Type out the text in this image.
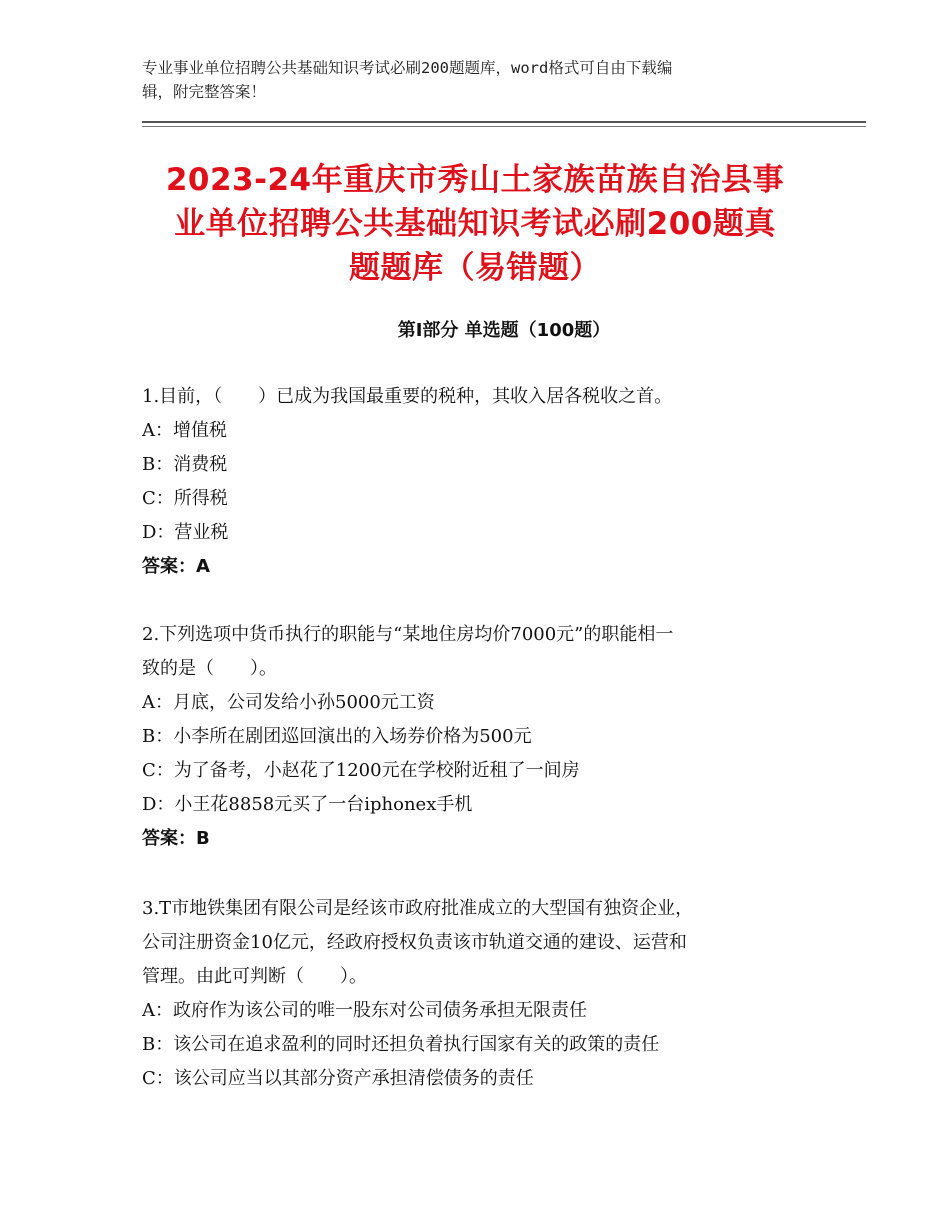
专业事业单位招聘公共基础知识考试必刷200题题库，word格式可自由下载编
辑，附完整答案！
2023-24年重庆市秀山土家族苗族自治县事
业单位招聘公共基础知识考试必刷200题真
题题库（易错题）
第Ⅰ部分 单选题（100题）
1.目前，（　　）已成为我国最重要的税种，其收入居各税收之首。
A：增值税
B：消费税
C：所得税
D：营业税
答案：A
2.下列选项中货币执行的职能与“某地住房均价7000元”的职能相一
致的是（　　）。
A：月底，公司发给小孙5000元工资
B：小李所在剧团巡回演出的入场券价格为500元
C：为了备考，小赵花了1200元在学校附近租了一间房
D：小王花8858元买了一台iphonex手机
答案：B
3.T市地铁集团有限公司是经该市政府批准成立的大型国有独资企业，
公司注册资金10亿元，经政府授权负责该市轨道交通的建设、运营和
管理。由此可判断（　　）。
A：政府作为该公司的唯一股东对公司债务承担无限责任
B：该公司在追求盈利的同时还担负着执行国家有关的政策的责任
C：该公司应当以其部分资产承担清偿债务的责任
